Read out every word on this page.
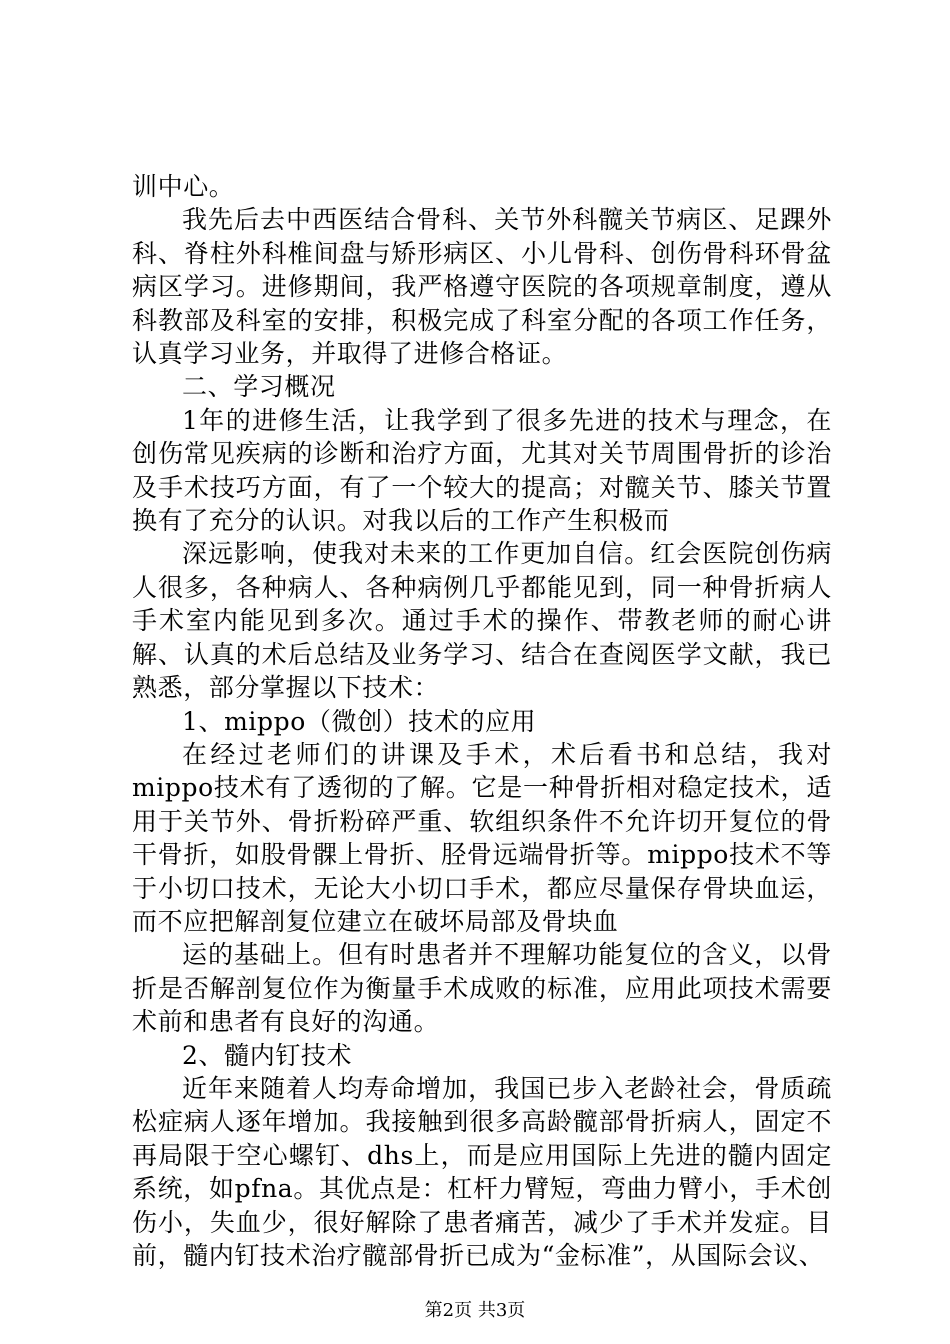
训中心。

我先后去中西医结合骨科、关节外科髋关节病区、足踝外科、脊柱外科椎间盘与矫形病区、小儿骨科、创伤骨科环骨盆病区学习。进修期间，我严格遵守医院的各项规章制度，遵从科教部及科室的安排，积极完成了科室分配的各项工作任务，认真学习业务，并取得了进修合格证。

二、学习概况

1年的进修生活，让我学到了很多先进的技术与理念，在创伤常见疾病的诊断和治疗方面，尤其对关节周围骨折的诊治及手术技巧方面，有了一个较大的提高；对髋关节、膝关节置换有了充分的认识。对我以后的工作产生积极而

深远影响，使我对未来的工作更加自信。红会医院创伤病人很多，各种病人、各种病例几乎都能见到，同一种骨折病人手术室内能见到多次。通过手术的操作、带教老师的耐心讲解、认真的术后总结及业务学习、结合在查阅医学文献，我已熟悉，部分掌握以下技术：

1、mippo（微创）技术的应用

在经过老师们的讲课及手术，术后看书和总结，我对mippo技术有了透彻的了解。它是一种骨折相对稳定技术，适用于关节外、骨折粉碎严重、软组织条件不允许切开复位的骨干骨折，如股骨髁上骨折、胫骨远端骨折等。mippo技术不等于小切口技术，无论大小切口手术，都应尽量保存骨块血运，而不应把解剖复位建立在破坏局部及骨块血

运的基础上。但有时患者并不理解功能复位的含义，以骨折是否解剖复位作为衡量手术成败的标准，应用此项技术需要术前和患者有良好的沟通。

2、髓内钉技术

近年来随着人均寿命增加，我国已步入老龄社会，骨质疏松症病人逐年增加。我接触到很多高龄髋部骨折病人，固定不再局限于空心螺钉、dhs上，而是应用国际上先进的髓内固定系统，如pfna。其优点是：杠杆力臂短，弯曲力臂小，手术创伤小，失血少，很好解除了患者痛苦，减少了手术并发症。目前，髓内钉技术治疗髋部骨折已成为“金标准”，从国际会议、

第2页 共3页
